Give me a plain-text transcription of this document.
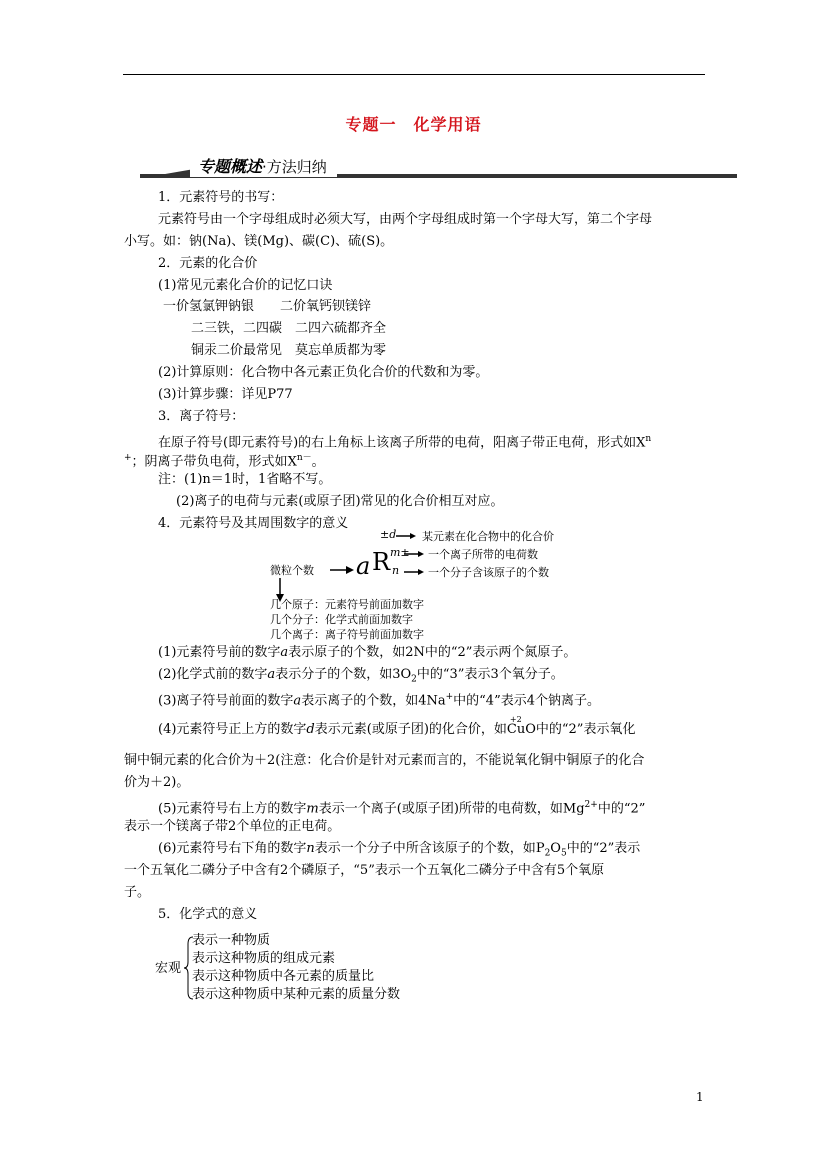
专题一　化学用语
专题概述·方法归纳
1．元素符号的书写：
元素符号由一个字母组成时必须大写，由两个字母组成时第一个字母大写，第二个字母
小写。如：钠(Na)、镁(Mg)、碳(C)、硫(S)。
2．元素的化合价
(1)常见元素化合价的记忆口诀
一价氢氯钾钠银　　二价氧钙钡镁锌
二三铁，二四碳　二四六硫都齐全
铜汞二价最常见　莫忘单质都为零
(2)计算原则：化合物中各元素正负化合价的代数和为零。
(3)计算步骤：详见P77
3．离子符号：
在原子符号(即元素符号)的右上角标上该离子所带的电荷，阳离子带正电荷，形式如$X^n$
+；阴离子带负电荷，形式如$X^{n-}$。
注：(1)n＝1时，1省略不写。
(2)离子的电荷与元素(或原子团)常见的化合价相互对应。
4．元素符号及其周围数字的意义
微粒个数 a R
±d 某元素在化合物中的化合价
m± 一个离子所带的电荷数
n	一个分子含该原子的个数
几个原子：元素符号前面加数字
几个分子：化学式前面加数字
几个离子：离子符号前面加数字
(1)元素符号前的数字a表示原子的个数，如2N中的“2”表示两个氮原子。
(2)化学式前的数字a表示分子的个数，如$3O_2$中的“3”表示3个氧分子。
(3)离子符号前面的数字a表示离子的个数，如4Na+中的“4”表示4个钠离子。
(4)元素符号正上方的数字d表示元素(或原子团)的化合价，如
+2
CuO中的“2”表示氧化
铜中铜元素的化合价为＋2(注意：化合价是针对元素而言的，不能说氧化铜中铜原子的化合
价为＋2)。
(5)元素符号右上方的数字m表示一个离子(或原子团)所带的电荷数，如$Mg^{2+}$中的“2”
表示一个镁离子带2个单位的正电荷。
(6)元素符号右下角的数字n表示一个分子中所含该原子的个数，如$P_2O_5$中的“2”表示
一个五氧化二磷分子中含有2个磷原子，“5”表示一个五氧化二磷分子中含有5个氧原
子。
5．化学式的意义
宏观
表示一种物质
表示这种物质的组成元素
表示这种物质中各元素的质量比
表示这种物质中某种元素的质量分数
1
